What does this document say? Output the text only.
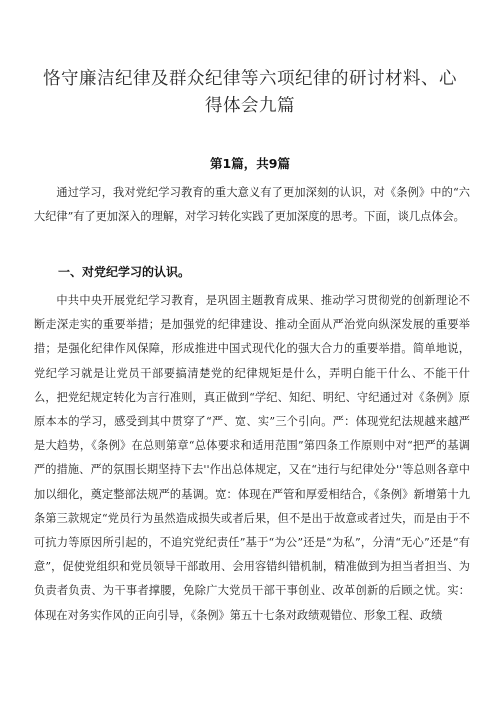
恪守廉洁纪律及群众纪律等六项纪律的研讨材料、心得体会九篇
第1篇，共9篇

通过学习，我对党纪学习教育的重大意义有了更加深刻的认识，对《条例》中的“六大纪律”有了更加深入的理解，对学习转化实践了更加深度的思考。下面，谈几点体会。

一、对党纪学习的认识。

中共中央开展党纪学习教育，是巩固主题教育成果、推动学习贯彻党的创新理论不断走深走实的重要举措；是加强党的纪律建设、推动全面从严治党向纵深发展的重要举措；是强化纪律作风保障，形成推进中国式现代化的强大合力的重要举措。简单地说，党纪学习就是让党员干部要搞清楚党的纪律规矩是什么，弄明白能干什么、不能干什么，把党纪规定转化为言行准则，真正做到“学纪、知纪、明纪、守纪通过对《条例》原原本本的学习，感受到其中贯穿了“严、宽、实”三个引向。严：体现党纪法规越来越严是大趋势，《条例》在总则第章“总体要求和适用范围”第四条工作原则中对“把严的基调严的措施、严的氛围长期坚持下去''作出总体规定，又在“违行与纪律处分''等总则各章中加以细化，奠定整部法规严的基调。宽：体现在严管和厚爱相结合，《条例》新增第十九条第三款规定“党员行为虽然造成损失或者后果，但不是出于故意或者过失，而是由于不可抗力等原因所引起的，不追究党纪责任”基于“为公”还是“为私”，分清“无心”还是“有意”，促使党组织和党员领导干部敢用、会用容错纠错机制，精准做到为担当者担当、为负责者负责、为干事者撑腰，免除广大党员干部干事创业、改革创新的后顾之忧。实：体现在对务实作风的正向引导，《条例》第五十七条对政绩观错位、形象工程、政绩
